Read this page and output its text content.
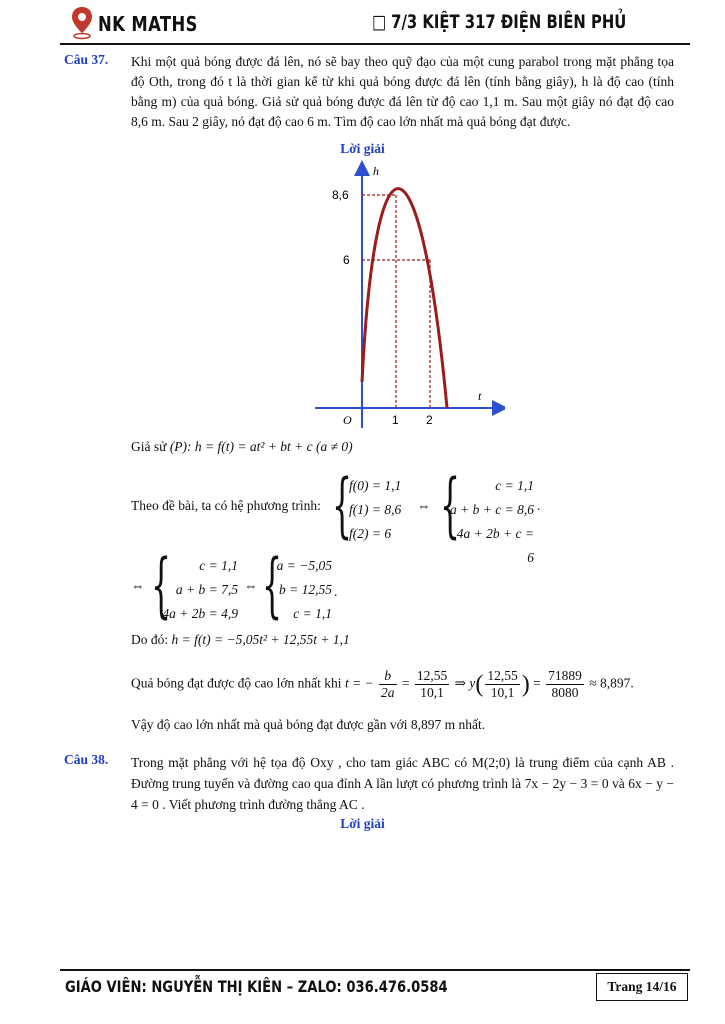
NK MATHS	□ 7/3 KIỆT 317 ĐIỆN BIÊN PHỦ
Câu 37. Khi một quả bóng được đá lên, nó sẽ bay theo quỹ đạo của một cung parabol trong mặt phẳng tọa độ Oth, trong đó t là thời gian kể từ khi quả bóng được đá lên (tính bằng giây), h là độ cao (tính bằng m) của quả bóng. Giả sử quả bóng được đá lên từ độ cao 1,1 m. Sau một giây nó đạt độ cao 8,6 m. Sau 2 giây, nó đạt độ cao 6 m. Tìm độ cao lớn nhất mà quả bóng đạt được.
Lời giải
h
t
O
8,6
6
1 2
Giả sử (P): h = f(t) = at² + bt + c (a ≠ 0)
Theo đề bài, ta có hệ phương trình: {
f(0) = 1,1
f(1) = 8,6
f(2) = 6
⇔ {	c = 1,1
a + b + c = 8,6
4a + 2b + c = 6
.
⇔ {	c = 1,1
a + b = 7,5
4a + 2b = 4,9
⇔ {
a = −5,05
b = 12,55
c = 1,1
.
Do đó: h = f(t) = −5,05t² + 12,55t + 1,1
Quả bóng đạt được độ cao lớn nhất khi t = − $\frac{b}{2a} = \frac{12,55}{10,1}$ ⇒ $y( \frac{12,55}{10,1}$ ) = $\frac{71889}{8080} \approx 8,897$.
Vậy độ cao lớn nhất mà quả bóng đạt được gần với 8,897 m nhất.
Câu 38. Trong mặt phẳng với hệ tọa độ Oxy , cho tam giác ABC có M(2;0) là trung điểm của cạnh AB . Đường trung tuyến và đường cao qua đỉnh A lần lượt có phương trình là 7x − 2y − 3 = 0 và 6x − y − 4 = 0 . Viết phương trình đường thẳng AC .
Lời giải
GIÁO VIÊN: NGUYỄN THỊ KIÊN – ZALO: 036.476.0584	Trang 14/16
